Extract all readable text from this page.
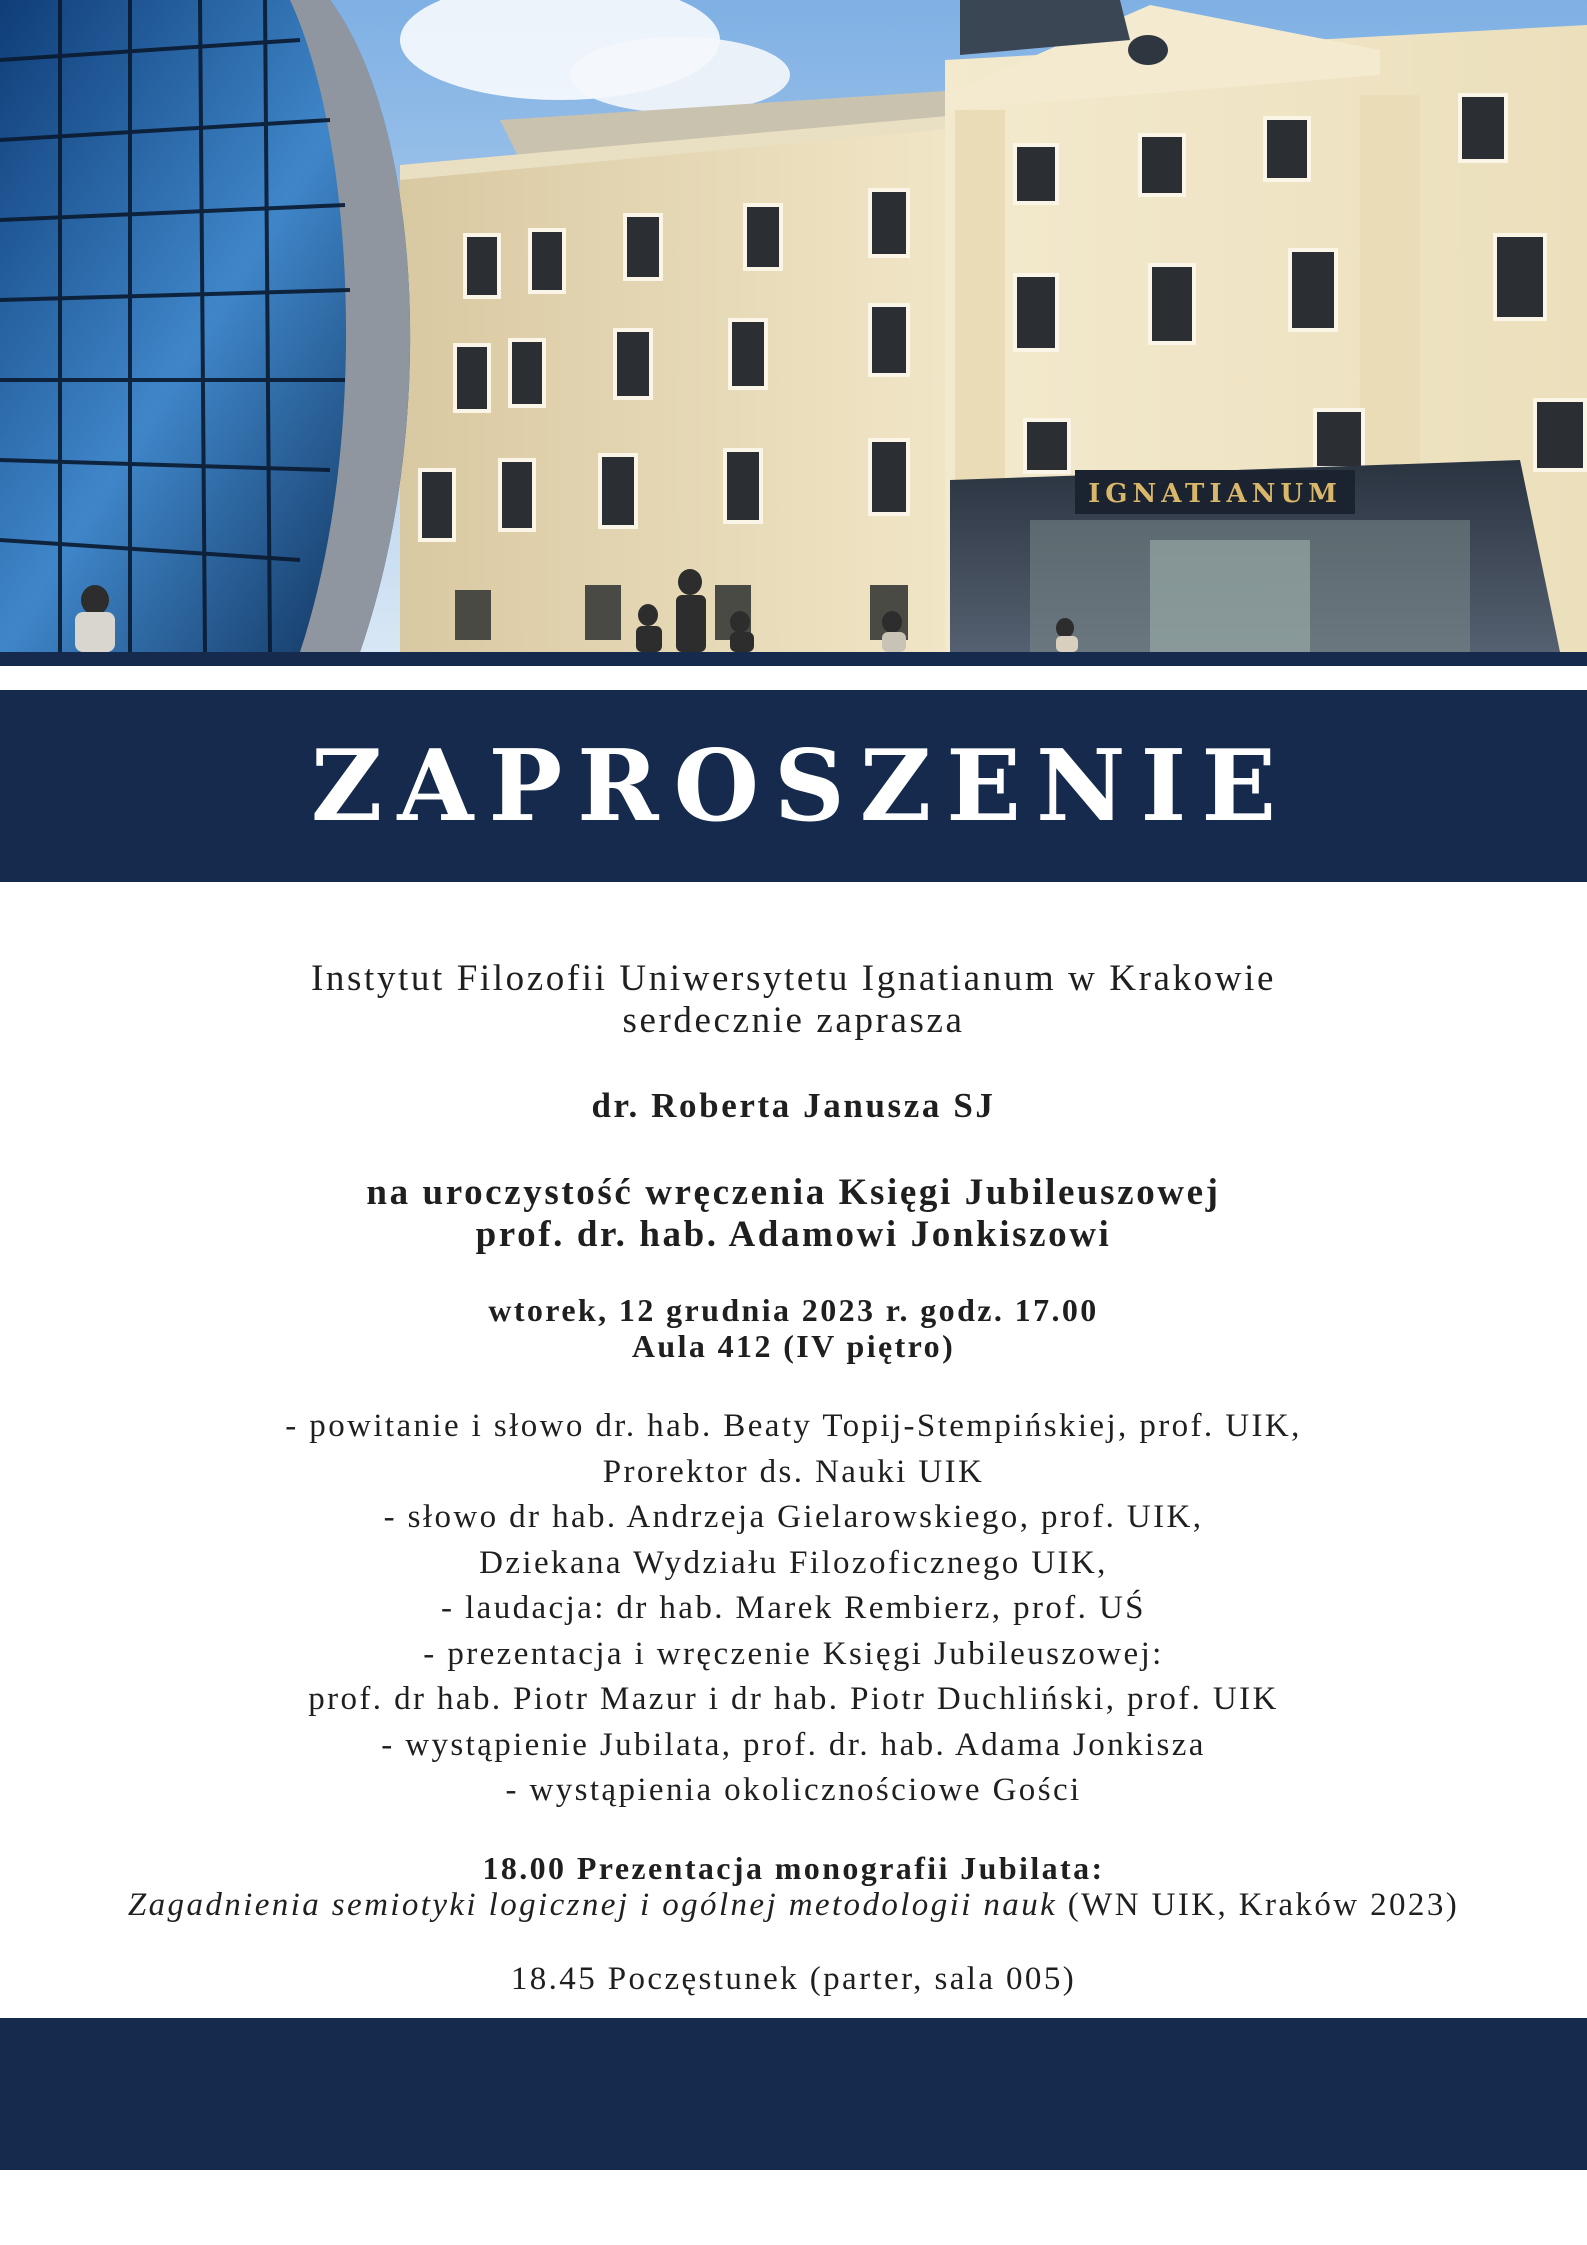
IGNATIANUM
ZAPROSZENIE
Instytut Filozofii Uniwersytetu Ignatianum w Krakowie
serdecznie zaprasza
dr. Roberta Janusza SJ
na uroczystość wręczenia Księgi Jubileuszowej
prof. dr. hab. Adamowi Jonkiszowi
wtorek, 12 grudnia 2023 r. godz. 17.00
Aula 412 (IV piętro)
- powitanie i słowo dr. hab. Beaty Topij-Stempińskiej, prof. UIK,
Prorektor ds. Nauki UIK
- słowo dr hab. Andrzeja Gielarowskiego, prof. UIK,
Dziekana Wydziału Filozoficznego UIK,
- laudacja: dr hab. Marek Rembierz, prof. UŚ
- prezentacja i wręczenie Księgi Jubileuszowej:
prof. dr hab. Piotr Mazur i dr hab. Piotr Duchliński, prof. UIK
- wystąpienie Jubilata, prof. dr. hab. Adama Jonkisza
- wystąpienia okolicznościowe Gości
18.00 Prezentacja monografii Jubilata:
Zagadnienia semiotyki logicznej i ogólnej metodologii nauk (WN UIK, Kraków 2023)
18.45 Poczęstunek (parter, sala 005)
